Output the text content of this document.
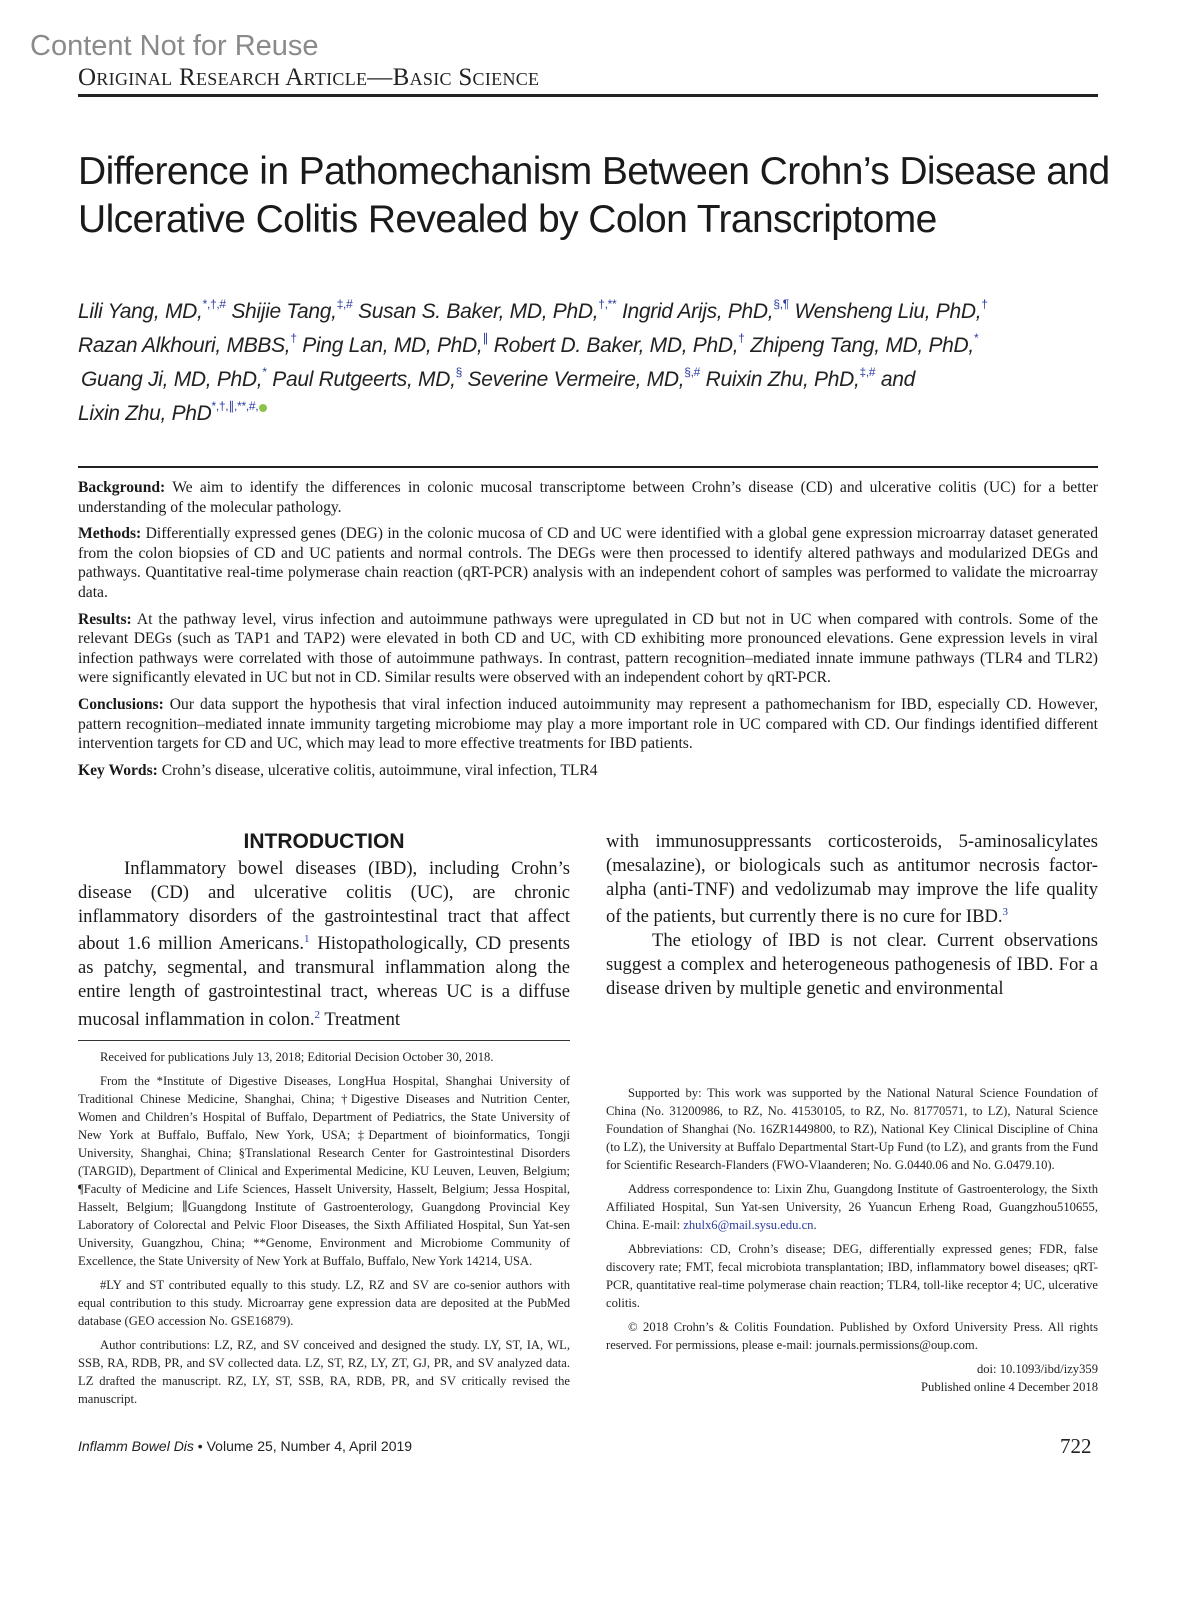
Content Not for Reuse
Original Research Article—Basic Science
Difference in Pathomechanism Between Crohn’s Disease and Ulcerative Colitis Revealed by Colon Transcriptome
Lili Yang, MD,*,†,# Shijie Tang,‡,# Susan S. Baker, MD, PhD,†,** Ingrid Arijs, PhD,§,¶ Wensheng Liu, PhD,†
Razan Alkhouri, MBBS,† Ping Lan, MD, PhD,∥ Robert D. Baker, MD, PhD,† Zhipeng Tang, MD, PhD,*
Guang Ji, MD, PhD,* Paul Rutgeerts, MD,§ Severine Vermeire, MD,§,# Ruixin Zhu, PhD,‡,# and
Lixin Zhu, PhD*,†,∥,**,#,

Background: We aim to identify the differences in colonic mucosal transcriptome between Crohn’s disease (CD) and ulcerative colitis (UC) for a better understanding of the molecular pathology.

Methods: Differentially expressed genes (DEG) in the colonic mucosa of CD and UC were identified with a global gene expression microarray dataset generated from the colon biopsies of CD and UC patients and normal controls. The DEGs were then processed to identify altered pathways and modularized DEGs and pathways. Quantitative real-time polymerase chain reaction (qRT-PCR) analysis with an independent cohort of samples was performed to validate the microarray data.

Results: At the pathway level, virus infection and autoimmune pathways were upregulated in CD but not in UC when compared with controls. Some of the relevant DEGs (such as TAP1 and TAP2) were elevated in both CD and UC, with CD exhibiting more pronounced elevations. Gene expression levels in viral infection pathways were correlated with those of autoimmune pathways. In contrast, pattern recognition–mediated innate immune pathways (TLR4 and TLR2) were significantly elevated in UC but not in CD. Similar results were observed with an independent cohort by qRT-PCR.

Conclusions: Our data support the hypothesis that viral infection induced autoimmunity may represent a pathomechanism for IBD, especially CD. However, pattern recognition–mediated innate immunity targeting microbiome may play a more important role in UC compared with CD. Our findings identified different intervention targets for CD and UC, which may lead to more effective treatments for IBD patients.

Key Words: Crohn’s disease, ulcerative colitis, autoimmune, viral infection, TLR4

INTRODUCTION

Inflammatory bowel diseases (IBD), including Crohn’s disease (CD) and ulcerative colitis (UC), are chronic inflammatory disorders of the gastrointestinal tract that affect about 1.6 million Americans.$^1$ Histopathologically, CD presents as patchy, segmental, and transmural inflammation along the entire length of gastrointestinal tract, whereas UC is a diffuse mucosal inflammation in colon.$^2$ Treatment

with immunosuppressants corticosteroids, 5-aminosalicylates (mesalazine), or biologicals such as antitumor necrosis factor-alpha (anti-TNF) and vedolizumab may improve the life quality of the patients, but currently there is no cure for IBD.$^3$

The etiology of IBD is not clear. Current observations suggest a complex and heterogeneous pathogenesis of IBD. For a disease driven by multiple genetic and environmental

Received for publications July 13, 2018; Editorial Decision October 30, 2018.

From the *Institute of Digestive Diseases, LongHua Hospital, Shanghai University of Traditional Chinese Medicine, Shanghai, China; †Digestive Diseases and Nutrition Center, Women and Children’s Hospital of Buffalo, Department of Pediatrics, the State University of New York at Buffalo, Buffalo, New York, USA; ‡Department of bioinformatics, Tongji University, Shanghai, China; §Translational Research Center for Gastrointestinal Disorders (TARGID), Department of Clinical and Experimental Medicine, KU Leuven, Leuven, Belgium; ¶Faculty of Medicine and Life Sciences, Hasselt University, Hasselt, Belgium; Jessa Hospital, Hasselt, Belgium; ∥Guangdong Institute of Gastroenterology, Guangdong Provincial Key Laboratory of Colorectal and Pelvic Floor Diseases, the Sixth Affiliated Hospital, Sun Yat-sen University, Guangzhou, China; **Genome, Environment and Microbiome Community of Excellence, the State University of New York at Buffalo, Buffalo, New York 14214, USA.

#LY and ST contributed equally to this study. LZ, RZ and SV are co-senior authors with equal contribution to this study. Microarray gene expression data are deposited at the PubMed database (GEO accession No. GSE16879).

Author contributions: LZ, RZ, and SV conceived and designed the study. LY, ST, IA, WL, SSB, RA, RDB, PR, and SV collected data. LZ, ST, RZ, LY, ZT, GJ, PR, and SV analyzed data. LZ drafted the manuscript. RZ, LY, ST, SSB, RA, RDB, PR, and SV critically revised the manuscript.

Supported by: This work was supported by the National Natural Science Foundation of China (No. 31200986, to RZ, No. 41530105, to RZ, No. 81770571, to LZ), Natural Science Foundation of Shanghai (No. 16ZR1449800, to RZ), National Key Clinical Discipline of China (to LZ), the University at Buffalo Departmental Start-Up Fund (to LZ), and grants from the Fund for Scientific Research-Flanders (FWO-Vlaanderen; No. G.0440.06 and No. G.0479.10).

Address correspondence to: Lixin Zhu, Guangdong Institute of Gastroenterology, the Sixth Affiliated Hospital, Sun Yat-sen University, 26 Yuancun Erheng Road, Guangzhou510655, China. E-mail: zhulx6@mail.sysu.edu.cn.

Abbreviations: CD, Crohn’s disease; DEG, differentially expressed genes; FDR, false discovery rate; FMT, fecal microbiota transplantation; IBD, inflammatory bowel diseases; qRT-PCR, quantitative real-time polymerase chain reaction; TLR4, toll-like receptor 4; UC, ulcerative colitis.

© 2018 Crohn’s & Colitis Foundation. Published by Oxford University Press. All rights reserved. For permissions, please e-mail: journals.permissions@oup.com.

doi: 10.1093/ibd/izy359

Published online 4 December 2018

Inflamm Bowel Dis • Volume 25, Number 4, April 2019	722
